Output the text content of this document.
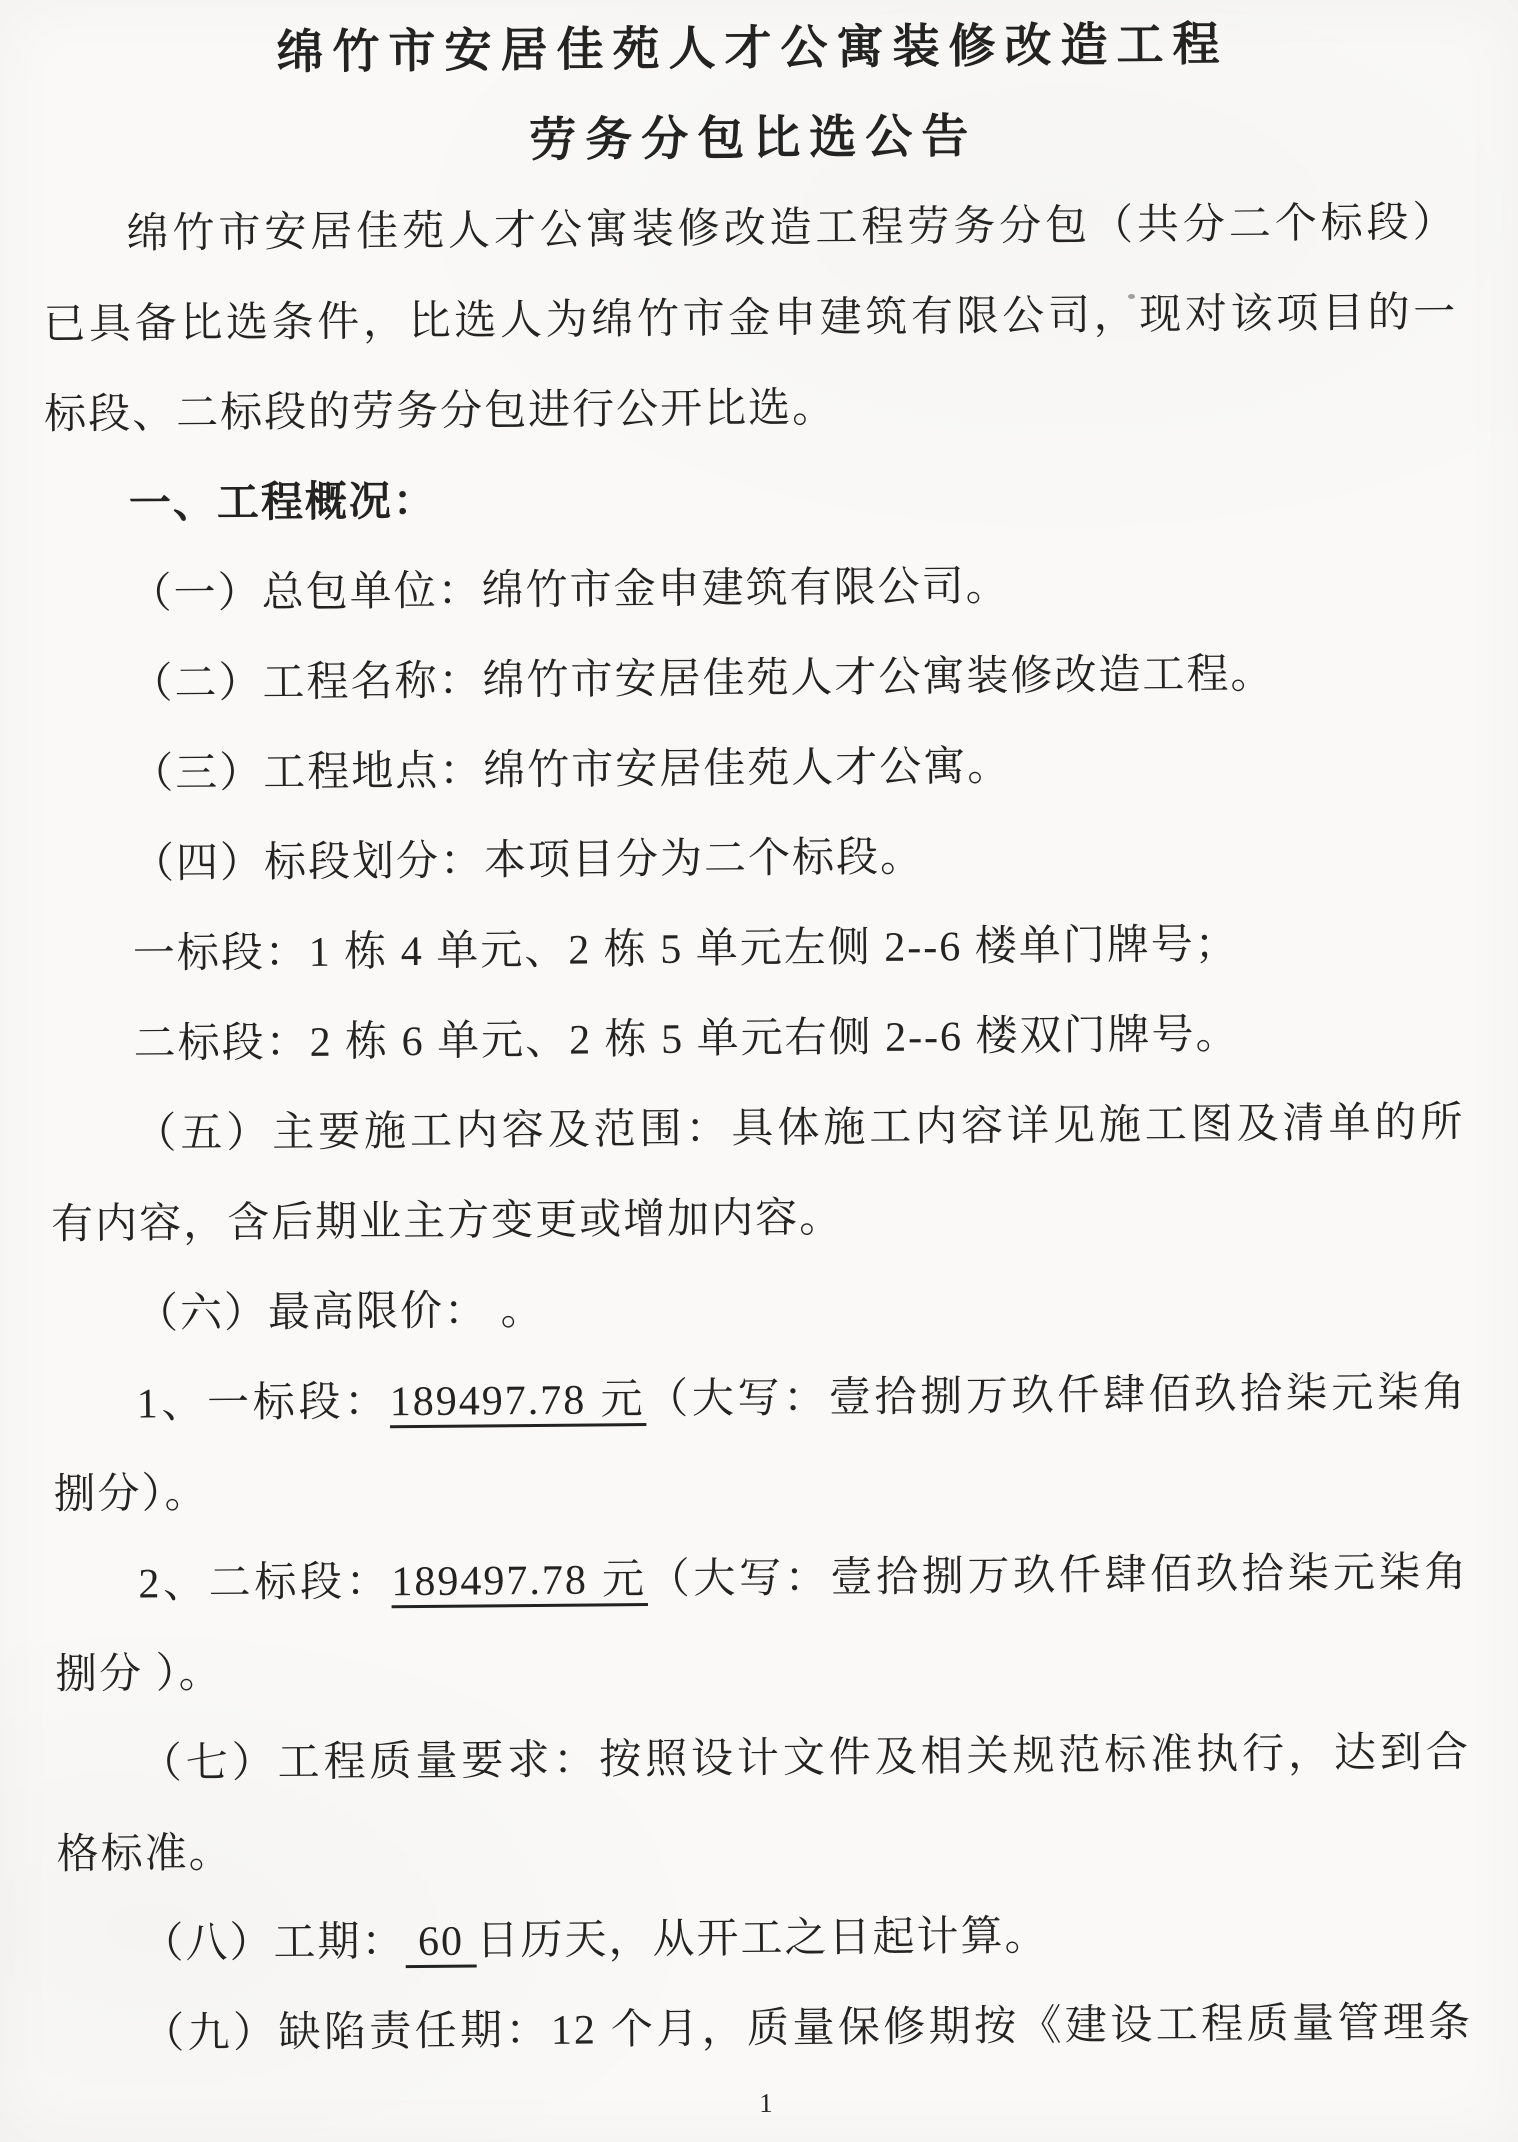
绵竹市安居佳苑人才公寓装修改造工程
劳务分包比选公告
绵竹市安居佳苑人才公寓装修改造工程劳务分包（共分二个标段）
已具备比选条件，比选人为绵竹市金申建筑有限公司，现对该项目的一
标段、二标段的劳务分包进行公开比选。
一、工程概况：
（一）总包单位：绵竹市金申建筑有限公司。
（二）工程名称：绵竹市安居佳苑人才公寓装修改造工程。
（三）工程地点：绵竹市安居佳苑人才公寓。
（四）标段划分：本项目分为二个标段。
一标段：1 栋 4 单元、2 栋 5 单元左侧 2--6 楼单门牌号；
二标段：2 栋 6 单元、2 栋 5 单元右侧 2--6 楼双门牌号。
（五）主要施工内容及范围：具体施工内容详见施工图及清单的所
有内容，含后期业主方变更或增加内容。
（六）最高限价： 。
1、一标段：189497.78 元（大写：壹拾捌万玖仟肆佰玖拾柒元柒角
捌分）。
2、二标段：189497.78 元（大写：壹拾捌万玖仟肆佰玖拾柒元柒角
捌分 ）。
（七）工程质量要求：按照设计文件及相关规范标准执行，达到合
格标准。
（八）工期： 60 日历天，从开工之日起计算。
（九）缺陷责任期：12 个月，质量保修期按《建设工程质量管理条
1
